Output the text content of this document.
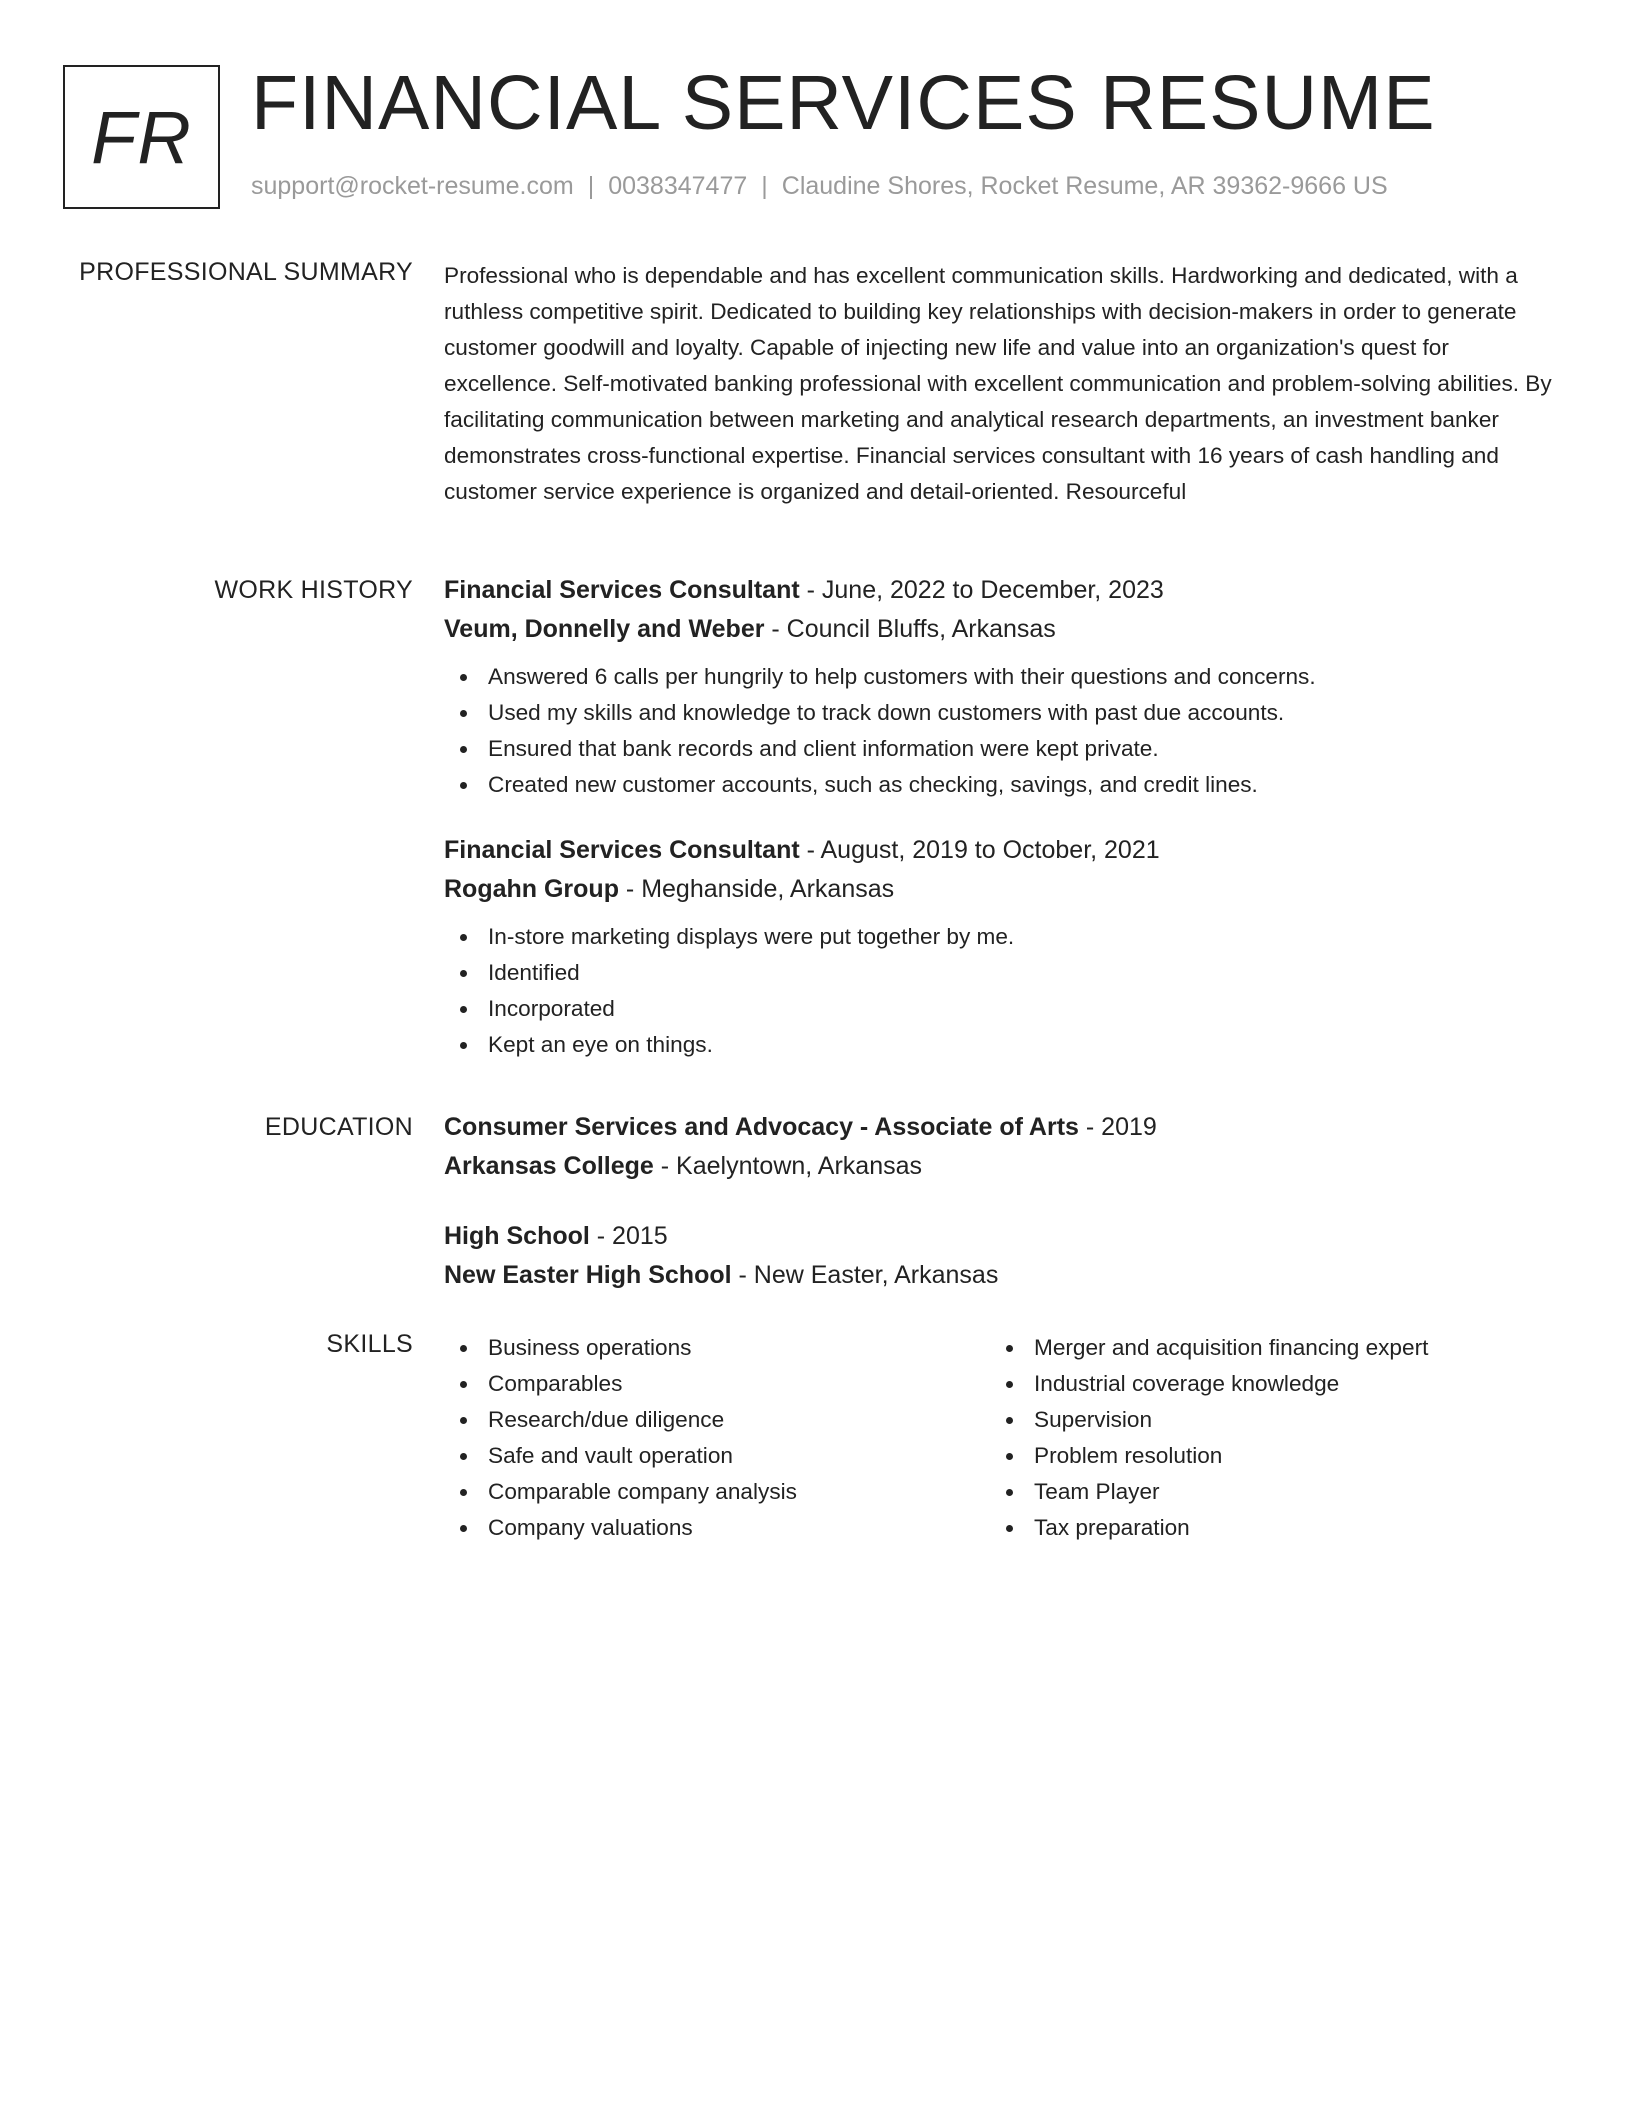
FR FINANCIAL SERVICES RESUME
support@rocket-resume.com | 0038347477 | Claudine Shores, Rocket Resume, AR 39362-9666 US
PROFESSIONAL SUMMARY Professional who is dependable and has excellent communication skills. Hardworking and dedicated, with a ruthless competitive spirit. Dedicated to building key relationships with decision-makers in order to generate customer goodwill and loyalty. Capable of injecting new life and value into an organization's quest for excellence. Self-motivated banking professional with excellent communication and problem-solving abilities. By facilitating communication between marketing and analytical research departments, an investment banker demonstrates cross-functional expertise. Financial services consultant with 16 years of cash handling and customer service experience is organized and detail-oriented. Resourceful

WORK HISTORY Financial Services Consultant - June, 2022 to December, 2023
Veum, Donnelly and Weber - Council Bluffs, Arkansas
Answered 6 calls per hungrily to help customers with their questions and concerns.
Used my skills and knowledge to track down customers with past due accounts.
Ensured that bank records and client information were kept private.
Created new customer accounts, such as checking, savings, and credit lines.
Financial Services Consultant - August, 2019 to October, 2021
Rogahn Group - Meghanside, Arkansas
In-store marketing displays were put together by me.
Identified
Incorporated
Kept an eye on things.
EDUCATION Consumer Services and Advocacy - Associate of Arts - 2019
Arkansas College - Kaelyntown, Arkansas
High School - 2015
New Easter High School - New Easter, Arkansas
SKILLS	Business operations
Comparables
Research/due diligence
Safe and vault operation
Comparable company analysis
Company valuations
Merger and acquisition financing expert
Industrial coverage knowledge
Supervision
Problem resolution
Team Player
Tax preparation
